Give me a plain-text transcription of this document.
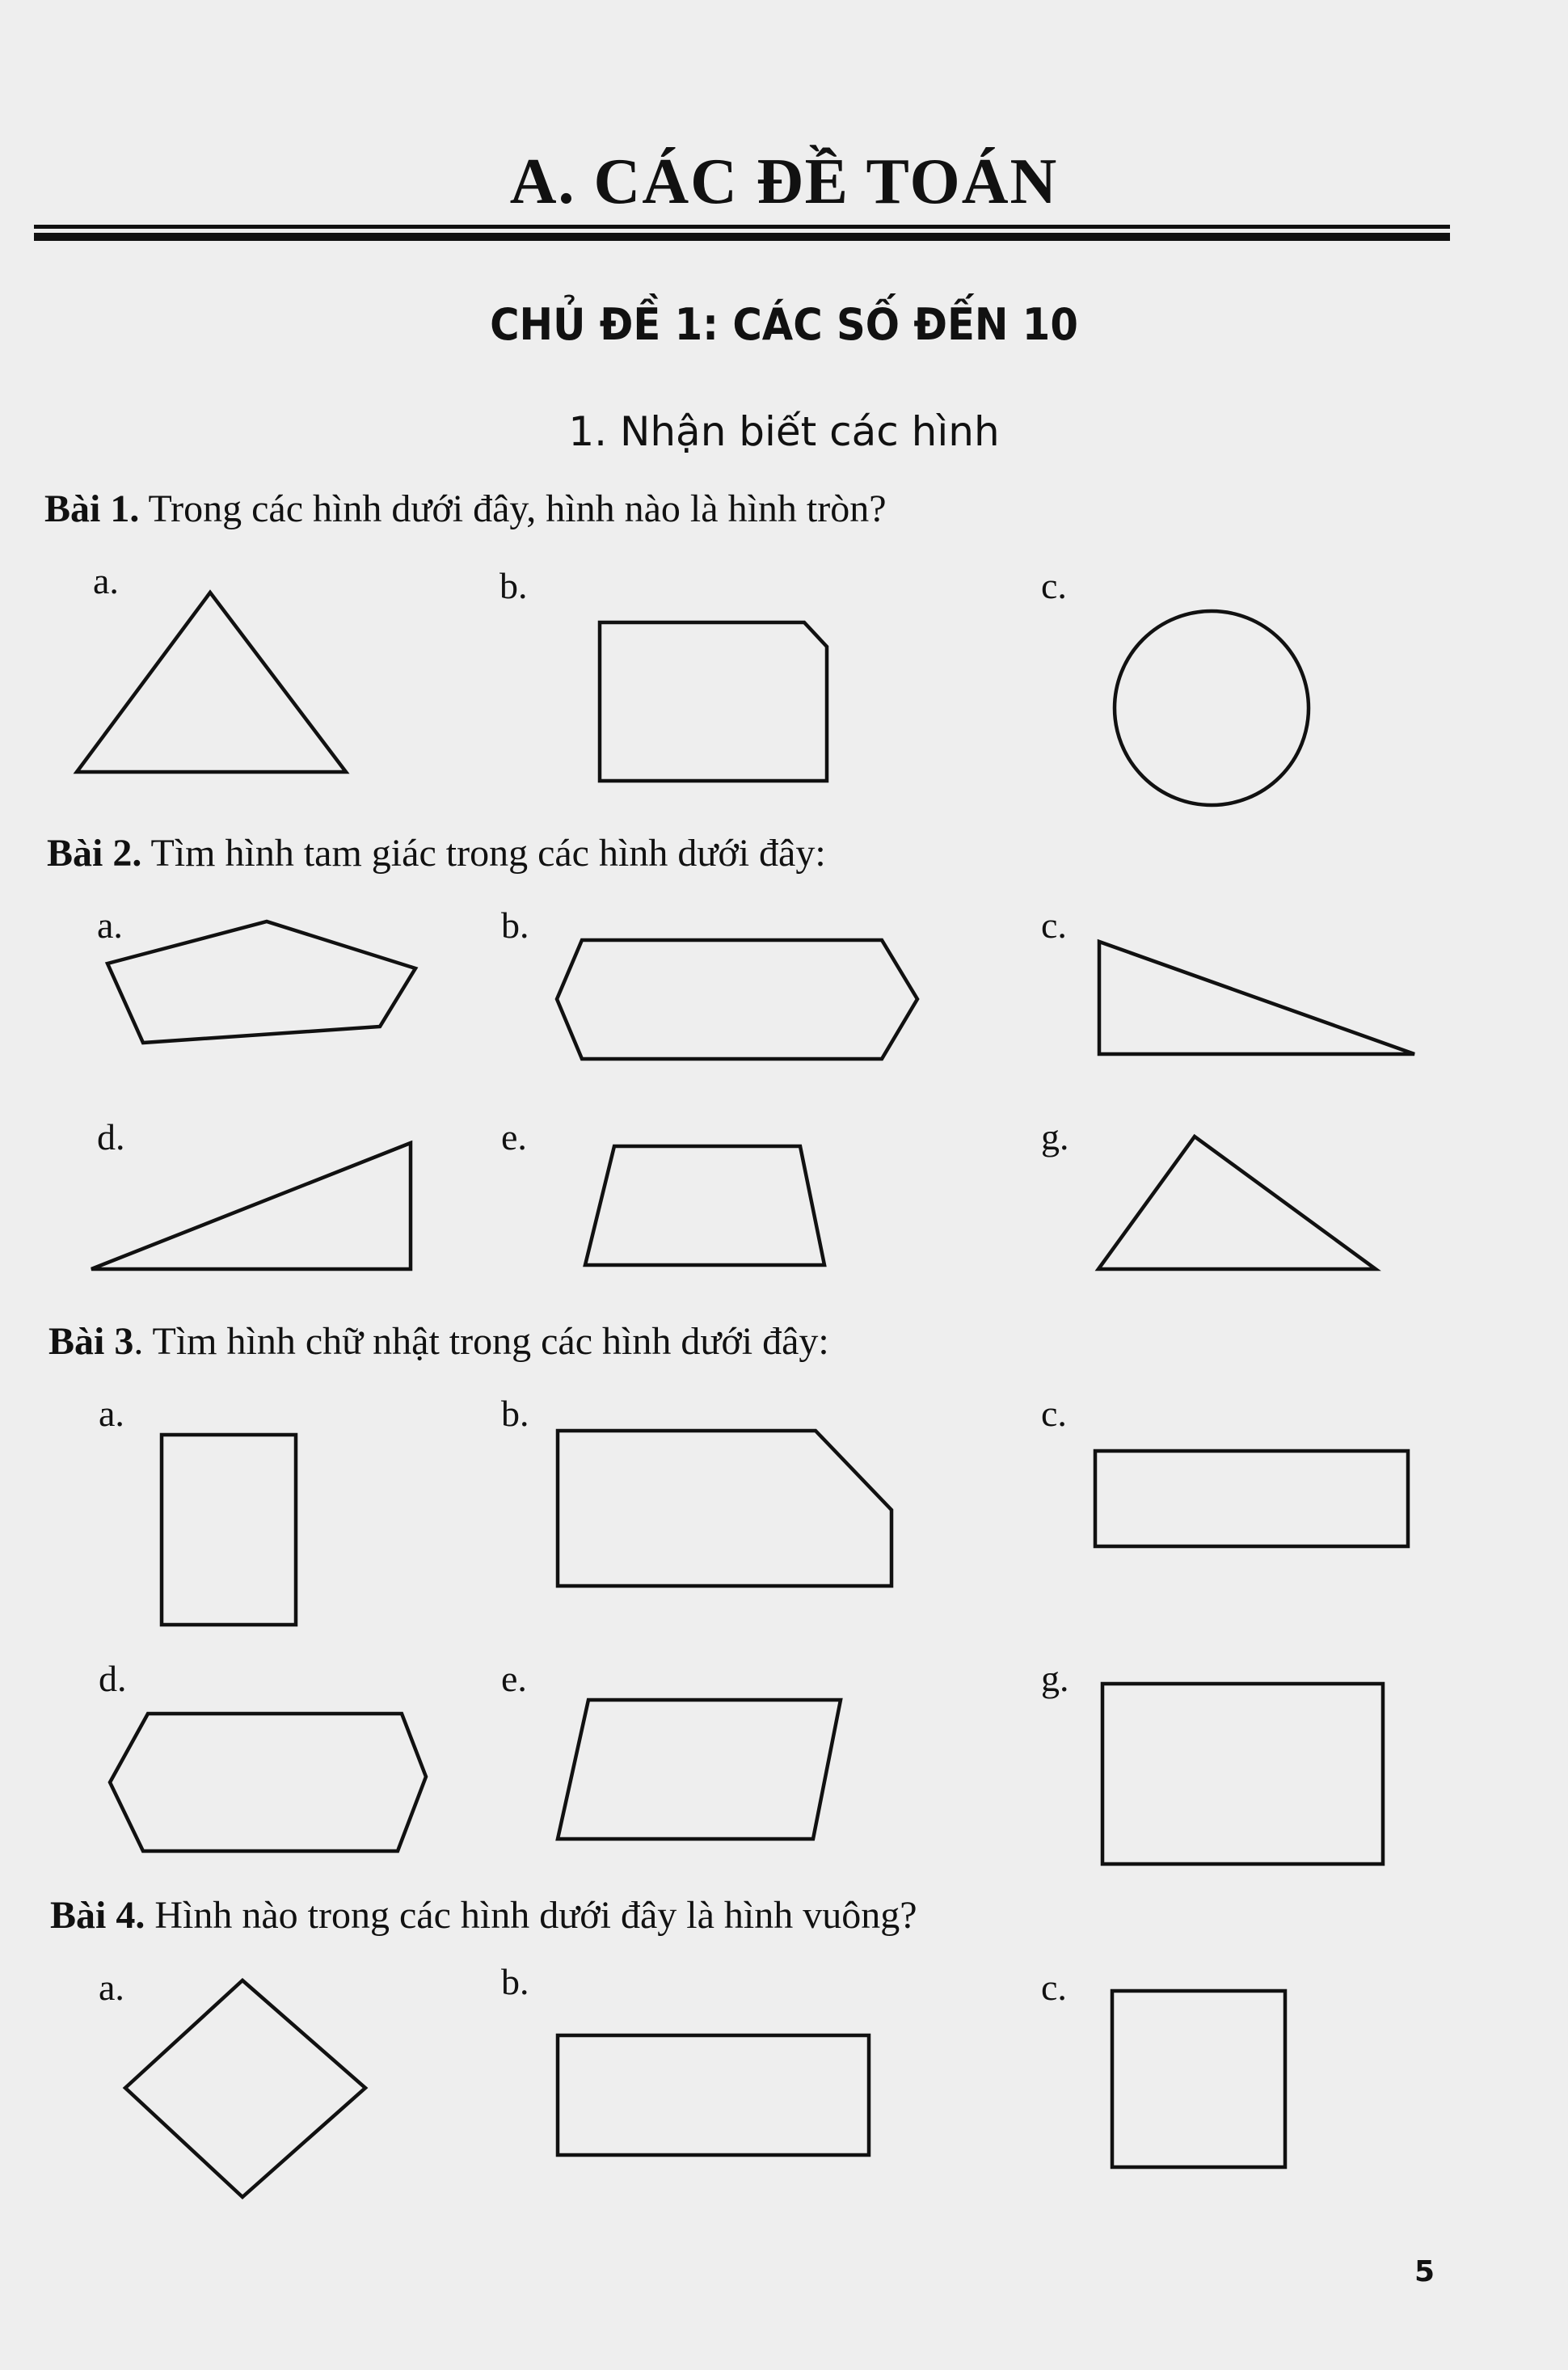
A. CÁC ĐỀ TOÁN
CHỦ ĐỀ 1: CÁC SỐ ĐẾN 10
1. Nhận biết các hình
Bài 1. Trong các hình dưới đây, hình nào là hình tròn?
a.	b.	c.
Bài 2. Tìm hình tam giác trong các hình dưới đây:
a.	b.	c.
d.	e.	g.
Bài 3. Tìm hình chữ nhật trong các hình dưới đây:
a.	b.	c.
d.	e.	g.
Bài 4. Hình nào trong các hình dưới đây là hình vuông?
a.	b.	c.
5
